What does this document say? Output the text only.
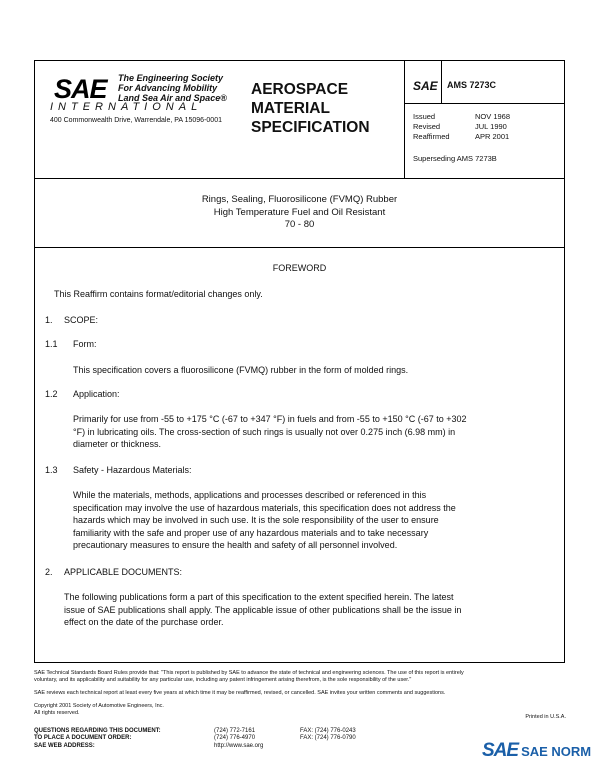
SAE The Engineering Society
For Advancing Mobility
Land Sea Air and Space®
INTERNATIONAL
400 Commonwealth Drive, Warrendale, PA 15096-0001
AEROSPACE
MATERIAL
SPECIFICATION
SAE AMS 7273C
Issued	NOV 1968
Revised	JUL 1990
Reaffirmed	APR 2001
Superseding AMS 7273B
Rings, Sealing, Fluorosilicone (FVMQ) Rubber
High Temperature Fuel and Oil Resistant
70 - 80
FOREWORD
This Reaffirm contains format/editorial changes only.
1. SCOPE:
1.1 Form:
This specification covers a fluorosilicone (FVMQ) rubber in the form of molded rings.
1.2 Application:
Primarily for use from -55 to +175 °C (-67 to +347 °F) in fuels and from -55 to +150 °C (-67 to +302
°F) in lubricating oils. The cross-section of such rings is usually not over 0.275 inch (6.98 mm) in
diameter or thickness.
1.3 Safety - Hazardous Materials:
While the materials, methods, applications and processes described or referenced in this
specification may involve the use of hazardous materials, this specification does not address the
hazards which may be involved in such use. It is the sole responsibility of the user to ensure
familiarity with the safe and proper use of any hazardous materials and to take necessary
precautionary measures to ensure the health and safety of all personnel involved.
2. APPLICABLE DOCUMENTS:
The following publications form a part of this specification to the extent specified herein. The latest
issue of SAE publications shall apply. The applicable issue of other publications shall be the issue in
effect on the date of the purchase order.
SAE Technical Standards Board Rules provide that: "This report is published by SAE to advance the state of technical and engineering sciences. The use of this report is entirely
voluntary, and its applicability and suitability for any particular use, including any patent infringement arising therefrom, is the sole responsibility of the user."
SAE reviews each technical report at least every five years at which time it may be reaffirmed, revised, or cancelled. SAE invites your written comments and suggestions.
Copyright 2001 Society of Automotive Engineers, Inc.
All rights reserved.
Printed in U.S.A.
QUESTIONS REGARDING THIS DOCUMENT:	(724) 772-7161	FAX: (724) 776-0243
TO PLACE A DOCUMENT ORDER:	(724) 776-4970	FAX: (724) 776-0790
SAE WEB ADDRESS:	http://www.sae.org	SAE SAE NORM
